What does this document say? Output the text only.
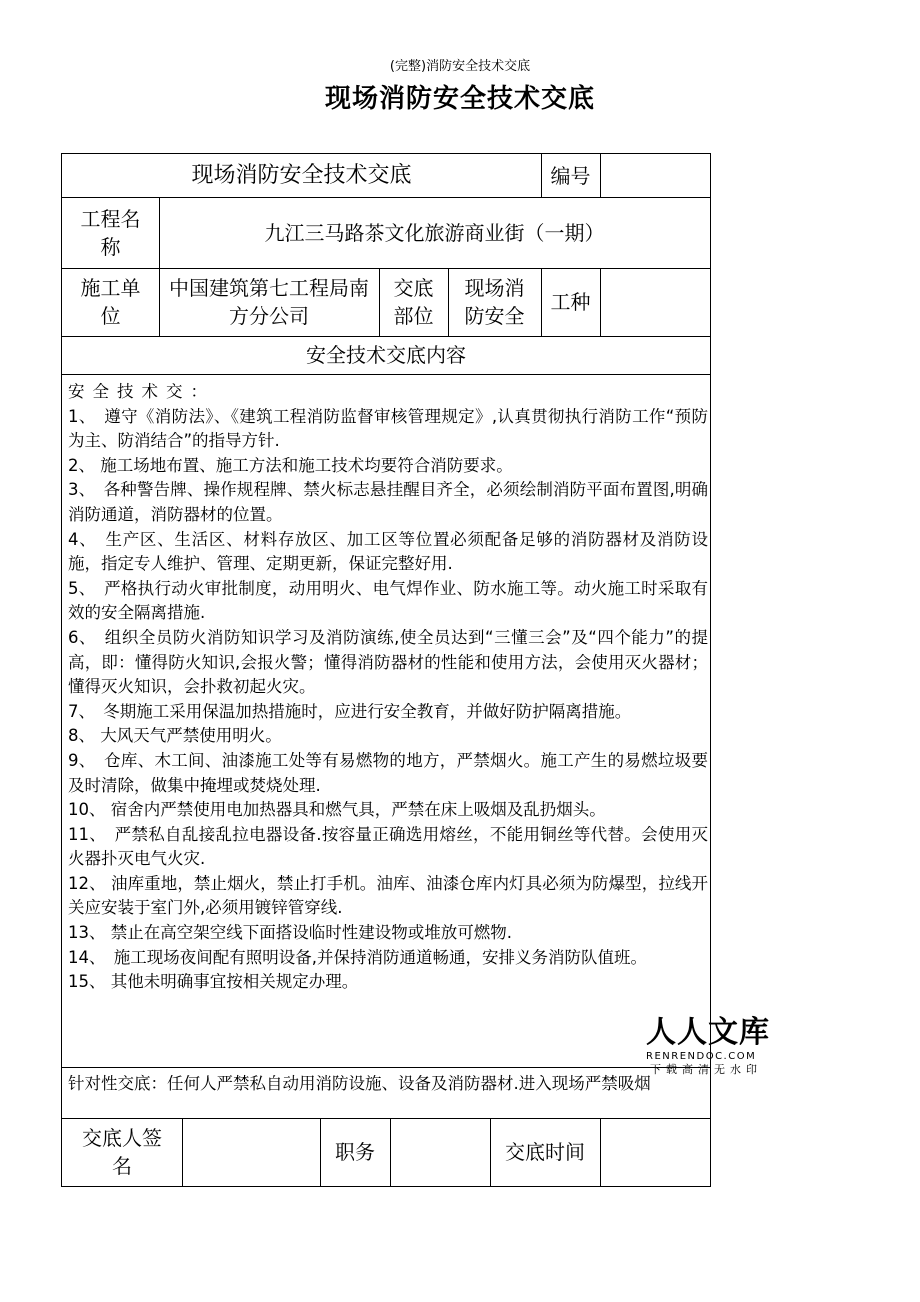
(完整)消防安全技术交底
现场消防安全技术交底
现场消防安全技术交底	编号
工程名称
九江三马路茶文化旅游商业街（一期）
施工单位
中国建筑第七工程局南方分公司
交底部位
现场消防安全
工种
安全技术交底内容
针对性交底：任何人严禁私自动用消防设施、设备及消防器材.进入现场严禁吸烟
交底人签名
职务	交底时间

安全技术交：

1、　遵守《消防法》、《建筑工程消防监督审核管理规定》,认真贯彻执行消防工作“预防为主、防消结合”的指导方针.

2、 施工场地布置、施工方法和施工技术均要符合消防要求。

3、　各种警告牌、操作规程牌、禁火标志悬挂醒目齐全，必须绘制消防平面布置图,明确消防通道，消防器材的位置。

4、　生产区、生活区、材料存放区、加工区等位置必须配备足够的消防器材及消防设施，指定专人维护、管理、定期更新，保证完整好用.

5、　严格执行动火审批制度，动用明火、电气焊作业、防水施工等。动火施工时采取有效的安全隔离措施.

6、　组织全员防火消防知识学习及消防演练,使全员达到“三懂三会”及“四个能力”的提高，即：懂得防火知识,会报火警；懂得消防器材的性能和使用方法，会使用灭火器材；懂得灭火知识，会扑救初起火灾。

7、　冬期施工采用保温加热措施时，应进行安全教育，并做好防护隔离措施。

8、 大风天气严禁使用明火。

9、　仓库、木工间、油漆施工处等有易燃物的地方，严禁烟火。施工产生的易燃垃圾要及时清除，做集中掩埋或焚烧处理.

10、 宿舍内严禁使用电加热器具和燃气具，严禁在床上吸烟及乱扔烟头。

11、　严禁私自乱接乱拉电器设备.按容量正确选用熔丝，不能用铜丝等代替。会使用灭火器扑灭电气火灾.

12、 油库重地，禁止烟火，禁止打手机。油库、油漆仓库内灯具必须为防爆型，拉线开关应安装于室门外,必须用镀锌管穿线.

13、 禁止在高空架空线下面搭设临时性建设物或堆放可燃物.

14、　施工现场夜间配有照明设备,并保持消防通道畅通，安排义务消防队值班。

15、 其他未明确事宜按相关规定办理。

人人文库
RENRENDOC.COM
下载高清无水印
